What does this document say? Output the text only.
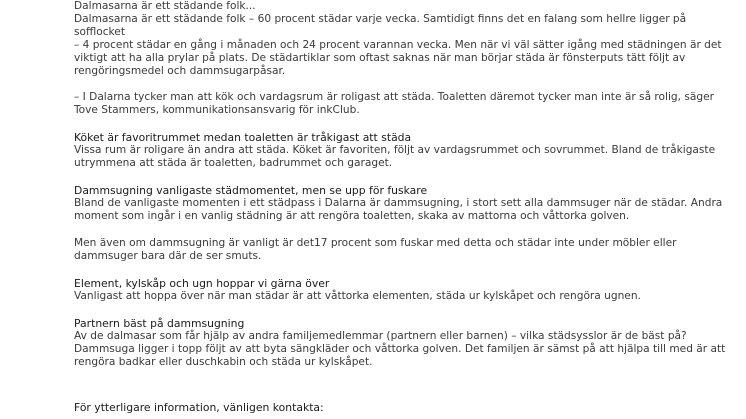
Dalmasarna är ett städande folk...

Dalmasarna är ett städande folk – 60 procent städar varje vecka. Samtidigt finns det en falang som hellre ligger på sofflocket
– 4 procent städar en gång i månaden och 24 procent varannan vecka. Men när vi väl sätter igång med städningen är det
viktigt att ha alla prylar på plats. De städartiklar som oftast saknas när man börjar städa är fönsterputs tätt följt av
rengöringsmedel och dammsugarpåsar.

– I Dalarna tycker man att kök och vardagsrum är roligast att städa. Toaletten däremot tycker man inte är så rolig, säger
Tove Stammers, kommunikationsansvarig för inkClub.

Köket är favoritrummet medan toaletten är tråkigast att städa

Vissa rum är roligare än andra att städa. Köket är favoriten, följt av vardagsrummet och sovrummet. Bland de tråkigaste
utrymmena att städa är toaletten, badrummet och garaget.

Dammsugning vanligaste städmomentet, men se upp för fuskare

Bland de vanligaste momenten i ett städpass i Dalarna är dammsugning, i stort sett alla dammsuger när de städar. Andra
moment som ingår i en vanlig städning är att rengöra toaletten, skaka av mattorna och våttorka golven.

Men även om dammsugning är vanligt är det17 procent som fuskar med detta och städar inte under möbler eller
dammsuger bara där de ser smuts.

Element, kylskåp och ugn hoppar vi gärna över

Vanligast att hoppa över när man städar är att våttorka elementen, städa ur kylskåpet och rengöra ugnen.

Partnern bäst på dammsugning

Av de dalmasar som får hjälp av andra familjemedlemmar (partnern eller barnen) – vilka städsysslor är de bäst på?
Dammsuga ligger i topp följt av att byta sängkläder och våttorka golven. Det familjen är sämst på att hjälpa till med är att
rengöra badkar eller duschkabin och städa ur kylskåpet.

För ytterligare information, vänligen kontakta:
